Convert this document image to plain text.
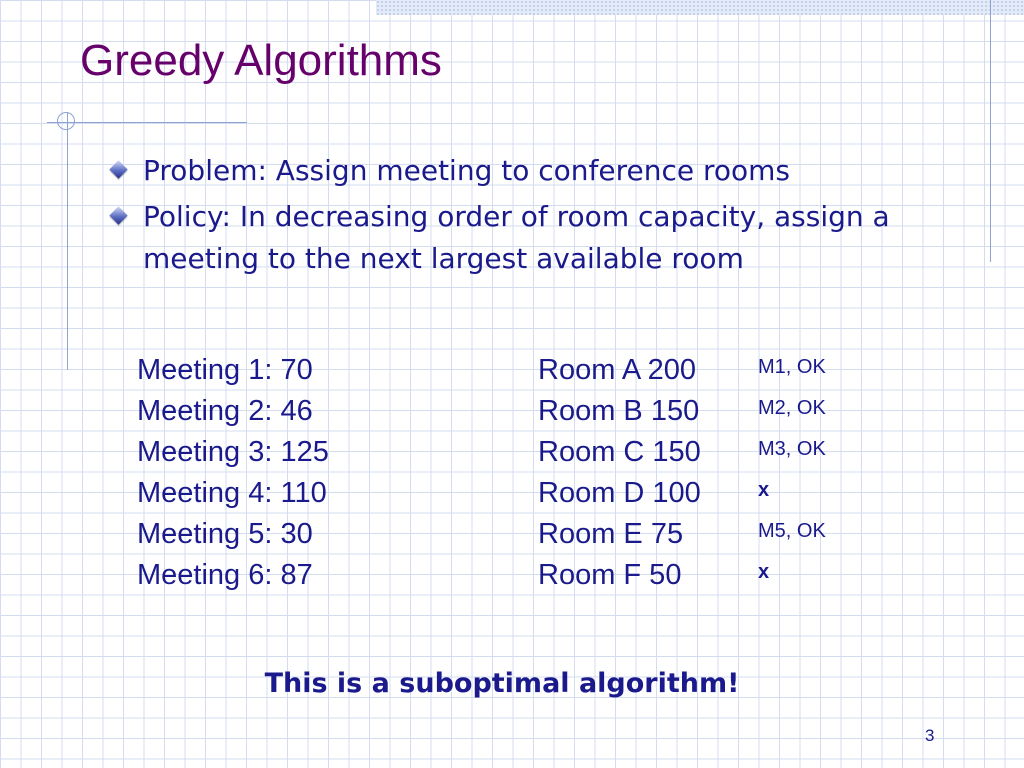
Greedy Algorithms
Problem: Assign meeting to conference rooms
Policy: In decreasing order of room capacity, assign a meeting to the next largest available room
Meeting 1: 70	Room A 200	M1, OK
Meeting 2: 46	Room B 150	M2, OK
Meeting 3: 125	Room C 150	M3, OK
Meeting 4: 110	Room D 100	x
Meeting 5: 30	Room E 75	M5, OK
Meeting 6: 87	Room F 50	x
This is a suboptimal algorithm!
3
